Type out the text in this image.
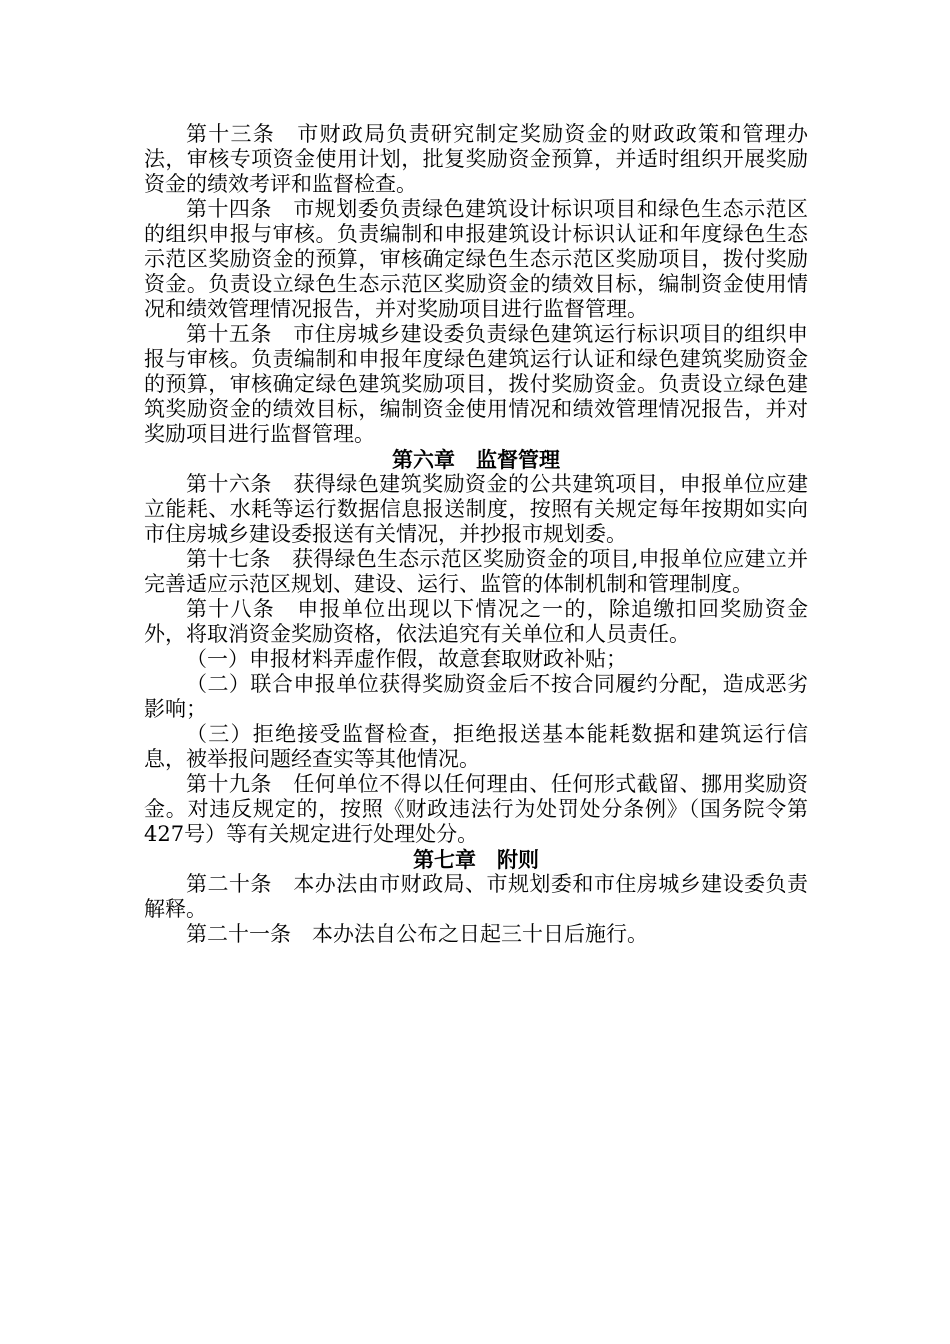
第十三条　市财政局负责研究制定奖励资金的财政政策和管理办法，审核专项资金使用计划，批复奖励资金预算，并适时组织开展奖励资金的绩效考评和监督检查。

第十四条　市规划委负责绿色建筑设计标识项目和绿色生态示范区的组织申报与审核。负责编制和申报建筑设计标识认证和年度绿色生态示范区奖励资金的预算，审核确定绿色生态示范区奖励项目，拨付奖励资金。负责设立绿色生态示范区奖励资金的绩效目标，编制资金使用情况和绩效管理情况报告，并对奖励项目进行监督管理。

第十五条　市住房城乡建设委负责绿色建筑运行标识项目的组织申报与审核。负责编制和申报年度绿色建筑运行认证和绿色建筑奖励资金的预算，审核确定绿色建筑奖励项目，拨付奖励资金。负责设立绿色建筑奖励资金的绩效目标，编制资金使用情况和绩效管理情况报告，并对奖励项目进行监督管理。

第六章　监督管理

第十六条　获得绿色建筑奖励资金的公共建筑项目，申报单位应建立能耗、水耗等运行数据信息报送制度，按照有关规定每年按期如实向市住房城乡建设委报送有关情况，并抄报市规划委。

第十七条　获得绿色生态示范区奖励资金的项目,申报单位应建立并完善适应示范区规划、建设、运行、监管的体制机制和管理制度。

第十八条　申报单位出现以下情况之一的，除追缴扣回奖励资金外，将取消资金奖励资格，依法追究有关单位和人员责任。

（一）申报材料弄虚作假，故意套取财政补贴；

（二）联合申报单位获得奖励资金后不按合同履约分配，造成恶劣影响；

（三）拒绝接受监督检查，拒绝报送基本能耗数据和建筑运行信息，被举报问题经查实等其他情况。

第十九条　任何单位不得以任何理由、任何形式截留、挪用奖励资金。对违反规定的，按照《财政违法行为处罚处分条例》（国务院令第427号）等有关规定进行处理处分。

第七章　附则

第二十条　本办法由市财政局、市规划委和市住房城乡建设委负责解释。

第二十一条　本办法自公布之日起三十日后施行。
